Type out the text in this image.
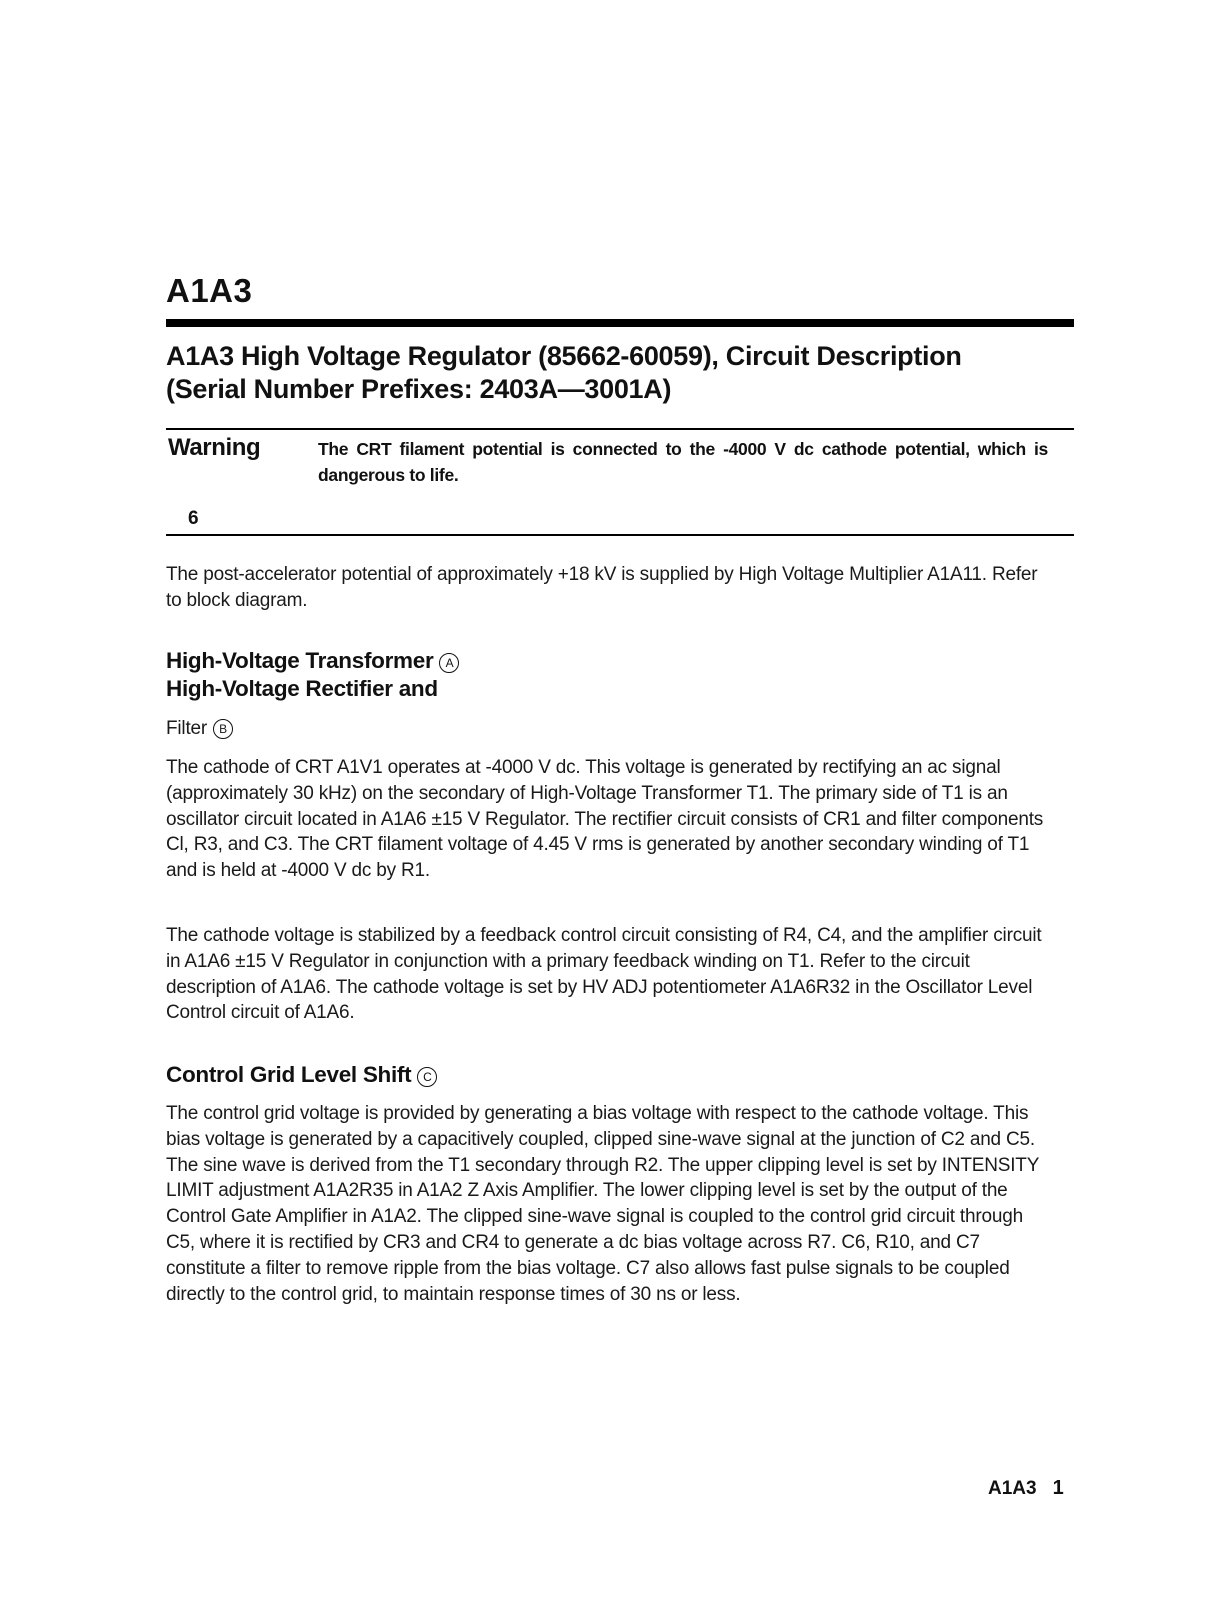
A1A3
A1A3 High Voltage Regulator (85662-60059), Circuit Description
(Serial Number Prefixes: 2403A—3001A)
Warning	The CRT filament potential is connected to the -4000 V dc cathode potential, which is dangerous to life.
6
The post-accelerator potential of approximately +18 kV is supplied by High Voltage Multiplier A1A11. Refer to block diagram.
High-Voltage Transformer A
High-Voltage Rectifier and
Filter B
The cathode of CRT A1V1 operates at -4000 V dc. This voltage is generated by rectifying an ac signal (approximately 30 kHz) on the secondary of High-Voltage Transformer T1. The primary side of T1 is an oscillator circuit located in A1A6 ±15 V Regulator. The rectifier circuit consists of CR1 and filter components Cl, R3, and C3. The CRT filament voltage of 4.45 V rms is generated by another secondary winding of T1 and is held at -4000 V dc by R1.
The cathode voltage is stabilized by a feedback control circuit consisting of R4, C4, and the amplifier circuit in A1A6 ±15 V Regulator in conjunction with a primary feedback winding on T1. Refer to the circuit description of A1A6. The cathode voltage is set by HV ADJ potentiometer A1A6R32 in the Oscillator Level Control circuit of A1A6.
Control Grid Level Shift C
The control grid voltage is provided by generating a bias voltage with respect to the cathode voltage. This bias voltage is generated by a capacitively coupled, clipped sine-wave signal at the junction of C2 and C5. The sine wave is derived from the T1 secondary through R2. The upper clipping level is set by INTENSITY LIMIT adjustment A1A2R35 in A1A2 Z Axis Amplifier. The lower clipping level is set by the output of the Control Gate Amplifier in A1A2. The clipped sine-wave signal is coupled to the control grid circuit through C5, where it is rectified by CR3 and CR4 to generate a dc bias voltage across R7. C6, R10, and C7 constitute a filter to remove ripple from the bias voltage. C7 also allows fast pulse signals to be coupled directly to the control grid, to maintain response times of 30 ns or less.
A1A3 1
